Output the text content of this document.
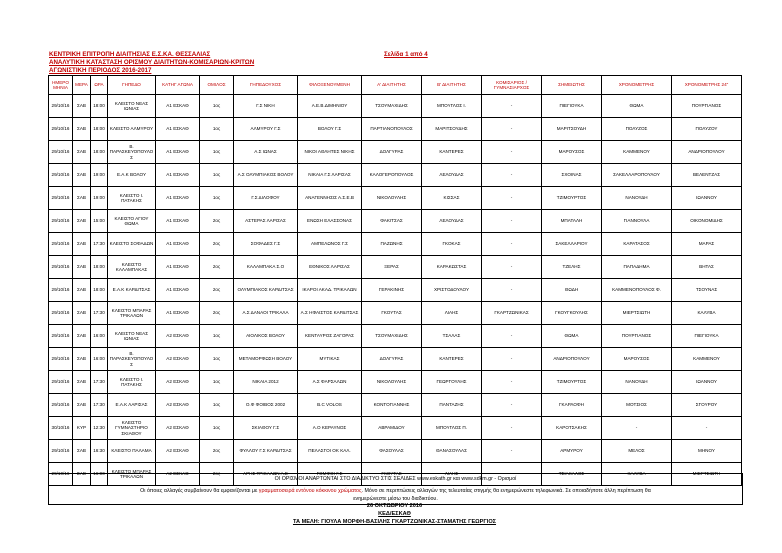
ΚΕΝΤΡΙΚΗ ΕΠΙΤΡΟΠΗ ΔΙΑΙΤΗΣΙΑΣ Ε.Σ.ΚΑ. ΘΕΣΣΑΛΙΑΣ
ΑΝΑΛΥΤΙΚΗ ΚΑΤΑΣΤΑΣΗ ΟΡΙΣΜΟΥ ΔΙΑΙΤΗΤΩΝ-ΚΟΜΙΣΑΡΙΩΝ-ΚΡΙΤΩΝ
ΑΓΩΝΙΣΤΙΚΗ ΠΕΡΙΟΔΟΣ 2016-2017
Σελίδα 1 από 4
ΗΜΕΡΟ ΜΗΝΙΑ	ΜΕΡΑ	ΩΡΑ	ΓΗΠΕΔΟ	ΚΑΤΗΓ ΑΓΩΝΑ	ΟΜΙΛΟΣ	ΓΗΠΕΔΟΥΧΟΣ	ΦΙΛΟΞΕΝΟΥΜΕΝΗ	Α' ΔΙΑΙΤΗΤΗΣ	Β' ΔΙΑΙΤΗΤΗΣ	ΚΟΜΙΣΑΡΙΟΣ / ΓΥΜΝΑΣΙΑΡΧΟΣ	ΣΗΜΕΙΩΤΗΣ	ΧΡΟΝΟΜΕΤΡΗΣ	ΧΡΟΝΟΜΕΤΡΗΣ 24"
29/10/16	ΣΑΒ	18:00	ΚΛΕΙΣΤΟ ΝΕΑΣ ΙΩΝΙΑΣ	Α1 ΕΣΚΑΘ	1ος	Γ.Σ ΝΙΚΗ	Α.Ε.Β.ΔΙΜΗΝΙΟΥ	ΤΣΟΥΜΑΧΙΔΗΣ	ΜΠΟΥΓΛΟΣ Ι.	-	ΠΙΕΓΙΟΥΚΑ	ΘΩΜΑ	ΠΟΥΡΓΙΑΝΟΣ
29/10/16	ΣΑΒ	18:00	ΚΛΕΙΣΤΟ ΑΛΜΥΡΟΥ	Α1 ΕΣΚΑΘ	1ος	ΑΛΜΥΡΟΥ Γ.Σ	ΒΟΛΟΥ Γ.Σ	ΠΑΡΤΙΑΝΟΠΟΥΛΟΣ	ΜΑΡΙΤΣΟΥΔΗΣ	-	ΜΑΡΙΤΣΟΥΔΗ	ΠΟΛΥΖΟΣ	ΠΟΛΥΖΟΥ
29/10/16	ΣΑΒ	18:00	Β. ΠΑΡΑΣΚΕΥΟΠΟΥΛΟΣ	Α1 ΕΣΚΑΘ	1ος	Α.Σ ΙΩΝΑΣ	ΝΙΚΟΙ ΑΘΛΗΤΕΣ ΝΙΚΗΣ	ΔΟΛΓΥΡΑΣ	ΚΑΝΤΕΡΕΣ	-	ΜΑΡΟΥΣΟΣ	ΚΑΜΜΕΝΟΥ	ΑΝΔΡΙΟΠΟΥΛΟΥ
29/10/16	ΣΑΒ	19:00	Ε.Α.Κ ΒΟΛΟΥ	Α1 ΕΣΚΑΘ	1ος	Α.Σ ΟΛΥΜΠΙΑΚΟΣ ΒΟΛΟΥ	ΝΙΚΑΙΑ Γ.Σ ΛΑΡΙΣΑΣ	ΚΑΛΟΓΕΡΟΠΟΥΛΟΣ	ΛΕΛΟΥΔΑΣ	-	ΣΧΟΙΝΑΣ	ΣΑΚΕΛΛΑΡΟΠΟΥΛΟΥ	ΒΕΛΕΝΤΖΑΣ
29/10/16	ΣΑΒ	19:00	ΚΛΕΙΣΤΟ Ι. ΠΑΤΑΚΗΣ	Α1 ΕΣΚΑΘ	1ος	Γ.Σ ΔΙΛΟΦΟΥ	ΑΝΑΓΕΝΝΗΣΙΣ Α.Σ.Ε.Β	ΝΙΚΟΛΟΥΛΗΣ	ΚΙΣΣΑΣ	-	ΤΖΙΜΟΥΡΤΟΣ	ΝΑΝΟΥΔΗ	ΙΩΑΝΝΟΥ
29/10/16	ΣΑΒ	15:00	ΚΛΕΙΣΤΟ ΑΓΙΟΥ ΘΩΜΑ	Α1 ΕΣΚΑΘ	2ος	ΑΣΤΕΡΑΣ ΛΑΡΙΣΑΣ	ΕΝΩΣΗ ΕΛΑΣΣΟΝΑΣ	ΦΑΚΙΤΣΑΣ	ΛΕΛΟΥΔΑΣ	-	ΜΠΑΤΑΛΗ	ΓΙΑΝΝΟΥΛΑ	ΟΙΚΟΝΟΜΙΔΗΣ
29/10/16	ΣΑΒ	17:30	ΚΛΕΙΣΤΟ ΣΟΦΑΔΩΝ	Α1 ΕΣΚΑΘ	2ος	ΣΟΦΑΔΕΣ Γ.Σ	ΑΜΠΕΛΩΝΟΣ Γ.Σ	ΠΑΖΩΝΗΣ	ΓΚΟΚΑΣ	-	ΣΑΚΕΛΛΑΡΙΟΥ	ΚΑΡΑΤΑΣΟΣ	ΜΑΡΑΣ
29/10/16	ΣΑΒ	18:00	ΚΛΕΙΣΤΟ ΚΑΛΑΜΠΑΚΑΣ	Α1 ΕΣΚΑΘ	2ος	ΚΑΛΑΜΠΑΚΑ Σ.Ο	ΕΘΝΙΚΟΣ ΛΑΡΙΣΑΣ	ΞΕΡΑΣ	ΚΑΡΑΚΩΣΤΑΣ	-	ΤΖΕΛΗΣ	ΠΑΠΑΔΗΜΑ	ΒΗΤΑΣ
29/10/16	ΣΑΒ	18:00	Ε.Α.Κ ΚΑΡΔΙΤΣΑΣ	Α1 ΕΣΚΑΘ	2ος	ΟΛΥΜΠΙΑΚΟΣ ΚΑΡΔΙΤΣΑΣ	ΙΚΑΡΟΙ ΑΚΑΔ. ΤΡΙΚΑΛΩΝ	ΓΕΡΑΚΙΝΗΣ	ΧΡΙΣΤΟΔΟΥΛΟΥ	-	ΘΩΔΗ	ΚΑΜΜΕΝΟΠΟΥΛΟΣ Φ.	ΤΣΟΥΝΑΣ
29/10/16	ΣΑΒ	17:30	ΚΛΕΙΣΤΟ ΜΠΑΡΑΣ ΤΡΙΚΑΛΩΝ	Α1 ΕΣΚΑΘ	2ος	Α.Σ ΔΑΝΑΟΙ ΤΡΙΚΑΛΑ	Α.Σ ΗΦΑΙΣΤΟΣ ΚΑΡΔΙΤΣΑΣ	ΓΚΟΥΤΑΣ	ΛΙΑΗΣ	ΓΚΑΡΤΖΩΝΙΚΑΣ	ΓΚΟΥΓΚΟΥΛΗΣ	ΜΙΕΡΤΣΙΩΤΗ	ΚΑΛΥΒΑ
29/10/16	ΣΑΒ	16:00	ΚΛΕΙΣΤΟ ΝΕΑΣ ΙΩΝΙΑΣ	Α2 ΕΣΚΑΘ	1ος	ΑΙΟΛΙΚΟΣ ΒΟΛΟΥ	ΚΕΝΤΑΥΡΟΣ ΖΑΓΟΡΑΣ	ΤΣΟΥΜΑΧΙΔΗΣ	ΤΣΑΛΑΣ	-	ΘΩΜΑ	ΠΟΥΡΓΙΑΝΟΣ	ΠΙΕΓΙΟΥΚΑ
29/10/16	ΣΑΒ	16:00	Β. ΠΑΡΑΣΚΕΥΟΠΟΥΛΟΣ	Α2 ΕΣΚΑΘ	1ος	ΜΕΤΑΜΟΡΦΩΣΗ ΒΟΛΟΥ	ΜΥΤΙΚΑΣ	ΔΟΛΓΥΡΑΣ	ΚΑΝΤΕΡΕΣ	-	ΑΝΔΡΙΟΠΟΥΛΟΥ	ΜΑΡΟΥΣΟΣ	ΚΑΜΜΕΝΟΥ
29/10/16	ΣΑΒ	17:30	ΚΛΕΙΣΤΟ Ι. ΠΑΤΑΚΗΣ	Α2 ΕΣΚΑΘ	1ος	ΝΙΚΑΙΑ 2012	Α.Σ ΦΑΡΣΑΛΩΝ	ΝΙΚΟΛΟΥΛΗΣ	ΓΕΩΡΓΟΥΛΗΣ	-	ΤΖΙΜΟΥΡΤΟΣ	ΝΑΝΟΥΔΗ	ΙΩΑΝΝΟΥ
29/10/16	ΣΑΒ	17:30	Ε.Α.Κ ΛΑΡΙΣΑΣ	Α2 ΕΣΚΑΘ	1ος	Ο.Φ ΦΟΙΒΟΣ 2002	Β.C VOLOS	ΚΟΝΤΟΓΙΑΝΝΗΣ	ΠΑΝΤΑΖΗΣ	-	ΓΚΑΡΛΟΦΗ	ΜΟΤΣΙΟΣ	ΣΓΟΥΡΟΥ
30/10/16	ΚΥΡ	12:30	ΚΛΕΙΣΤΟ ΓΥΜΝΑΣΤΗΡΙΟ ΣΚΙΑΘΟΥ	Α2 ΕΣΚΑΘ	1ος	ΣΚΙΑΘΟΥ Γ.Σ	Α.Ο ΚΕΡΑΥΝΟΣ	ΑΒΡΑΜΙΔΟΥ	ΜΠΟΥΓΛΟΣ Π.	-	ΚΑΡΟΤΣΑΚΗΣ	-	-
29/10/16	ΣΑΒ	16:30	ΚΛΕΙΣΤΟ ΠΑΛΑΜΑ	Α2 ΕΣΚΑΘ	2ος	ΦΥΛΛΟΥ Γ.Σ ΚΑΡΔΙΤΣΑΣ	ΠΕΛΑΣΓΟΙ ΟΚ ΚΑΛ.	ΦΑΣΟΥΛΑΣ	ΘΑΝΑΣΟΥΛΑΣ	-	ΑΡΜΥΡΟΥ	ΜΕΛΟΣ	ΜΗΝΟΥ
29/10/16	ΣΑΒ	16:00	ΚΛΕΙΣΤΟ ΜΠΑΡΑΣ ΤΡΙΚΑΛΩΝ	Α2 ΕΣΚΑΘ	2ος	ΑΡΗΣ ΤΡΙΚΑΛΩΝ Α.Ε	ΓΟΜΦΟΙ Γ.Σ	ΓΚΟΥΤΑΣ	ΛΙΑΗΣ	-	ΤΣΙΑΚΑΛΟΣ	ΚΑΛΥΒΑ	ΜΙΕΡΤΣΙΩΤΗ
ΟΙ ΟΡΙΣΜΟΙ ΑΝΑΡΤΩΝΤΑΙ ΣΤΟ ΔΙΑΔΙΚΤΥΟ ΣΤΙΣ ΣΕΛΙΔΕΣ www.eskath.gr και www.sdkm.gr - Ορισμοί
Οι όποιες αλλαγές συμβαίνουν θα εμφανίζονται με γραμματοσειρά εντόνου κόκκινου χρώματος. Μόνο σε περιπτώσεις αλλαγών της τελευταίας στιγμής θα ενημερώνεστε τηλεφωνικά. Σε οποιαδήποτε άλλη περίπτωση θα
ενημερώνεστε μέσω του διαδικτύου.
26 ΟΚΤΩΒΡΙΟΥ 2016
ΚΕΔ/ΕΣΚΑΘ
ΤΑ ΜΕΛΗ: ΓΙΟΥΛΑ ΜΟΡΦΗ-ΒΑΣΙΛΗΣ ΓΚΑΡΤΖΩΝΙΚΑΣ-ΣΤΑΜΑΤΗΣ ΓΕΩΡΓΙΟΣ
